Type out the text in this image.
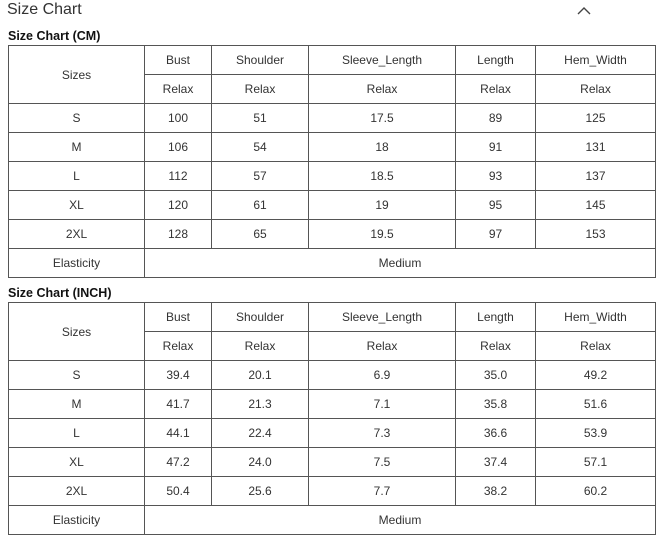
Size Chart
Size Chart (CM)
Sizes	Bust	Shoulder	Sleeve_Length	Length	Hem_Width
	Relax	Relax	Relax	Relax	Relax
S	100	51	17.5	89	125
M	106	54	18	91	131
L	112	57	18.5	93	137
XL	120	61	19	95	145
2XL	128	65	19.5	97	153
Elasticity	Medium				
Size Chart (INCH)
Sizes	Bust	Shoulder	Sleeve_Length	Length	Hem_Width
	Relax	Relax	Relax	Relax	Relax
S	39.4	20.1	6.9	35.0	49.2
M	41.7	21.3	7.1	35.8	51.6
L	44.1	22.4	7.3	36.6	53.9
XL	47.2	24.0	7.5	37.4	57.1
2XL	50.4	25.6	7.7	38.2	60.2
Elasticity	Medium				
